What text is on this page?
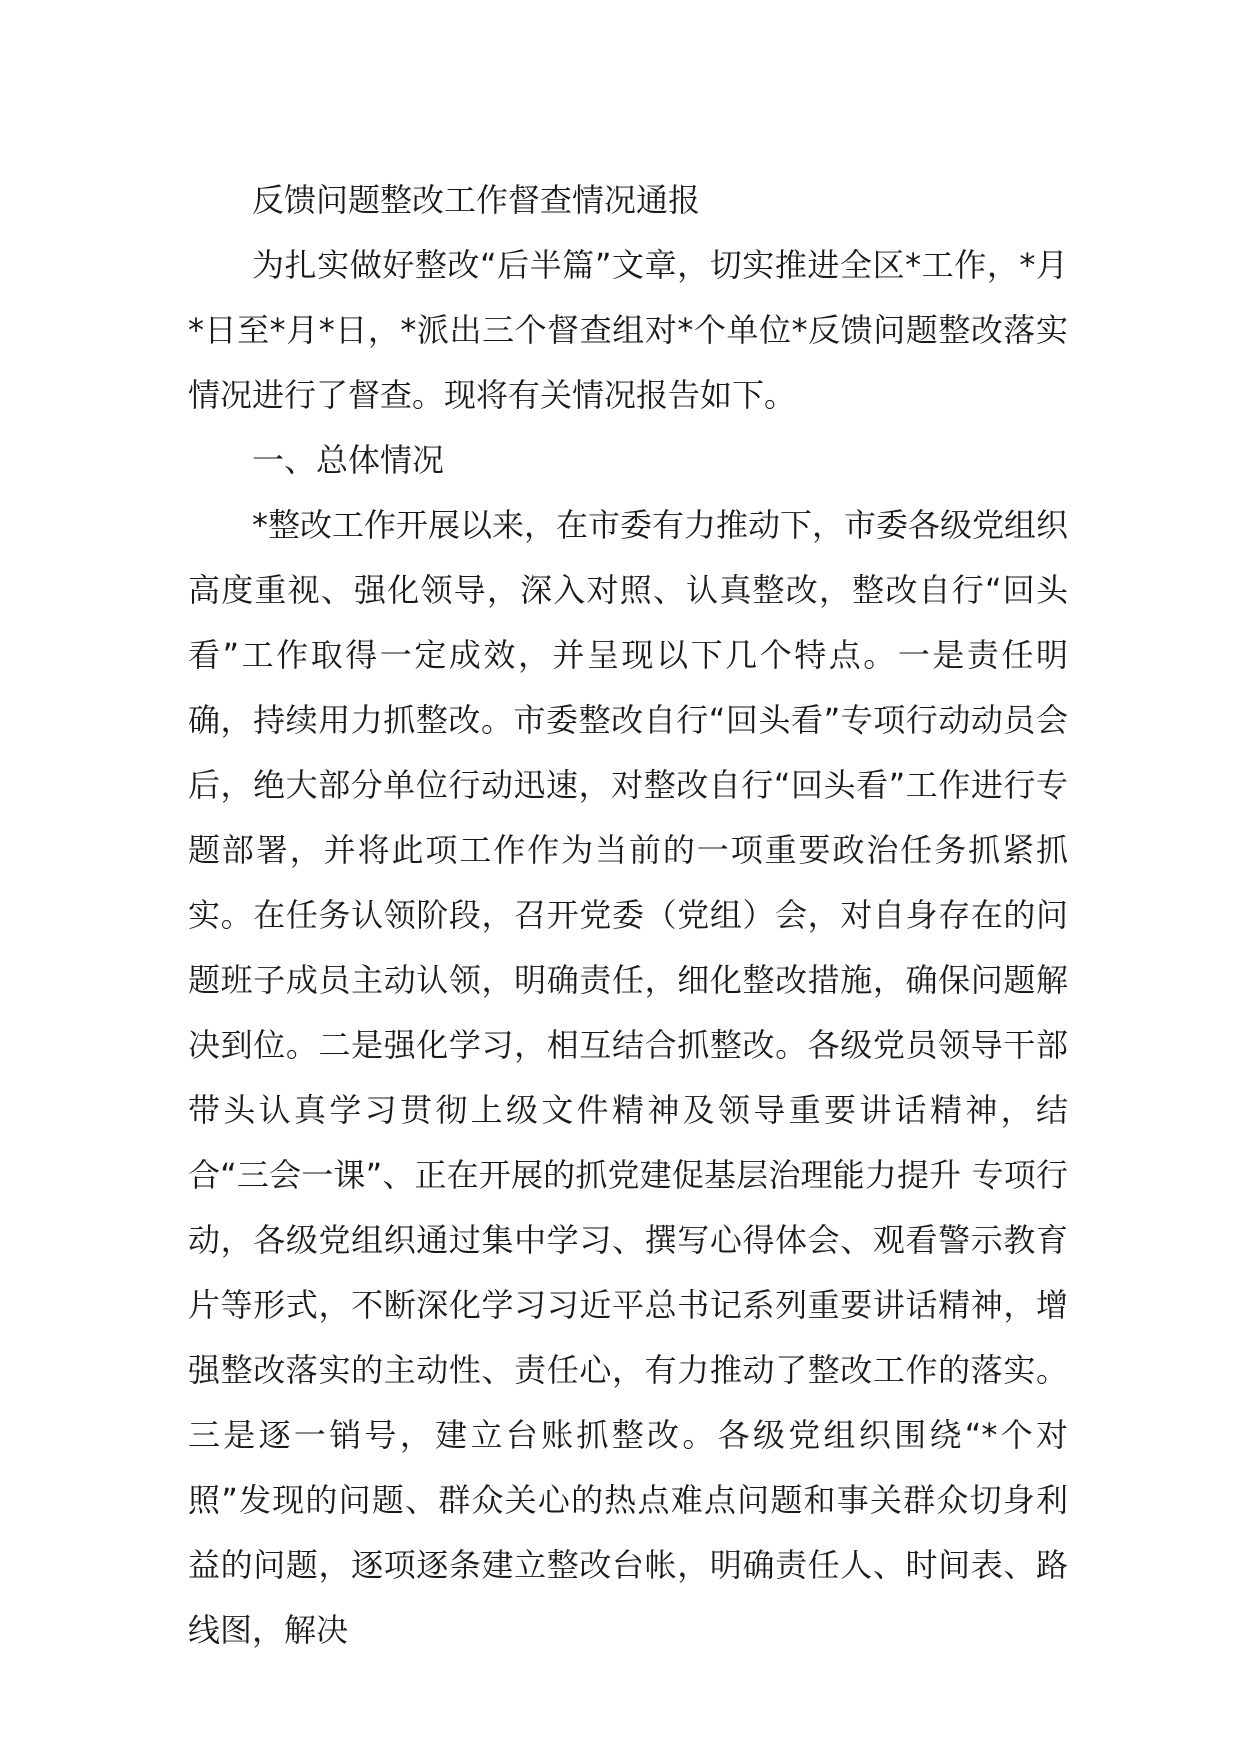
反馈问题整改工作督查情况通报

为扎实做好整改“后半篇”文章，切实推进全区*工作，*月*日至*月*日，*派出三个督查组对*个单位*反馈问题整改落实情况进行了督查。现将有关情况报告如下。

一、总体情况

*整改工作开展以来，在市委有力推动下，市委各级党组织高度重视、强化领导，深入对照、认真整改，整改自行“回头看”工作取得一定成效，并呈现以下几个特点。一是责任明确，持续用力抓整改。市委整改自行“回头看”专项行动动员会后，绝大部分单位行动迅速，对整改自行“回头看”工作进行专题部署，并将此项工作作为当前的一项重要政治任务抓紧抓实。在任务认领阶段，召开党委（党组）会，对自身存在的问题班子成员主动认领，明确责任，细化整改措施，确保问题解决到位。二是强化学习，相互结合抓整改。各级党员领导干部带头认真学习贯彻上级文件精神及领导重要讲话精神，结合“三会一课”、正在开展的抓党建促基层治理能力提升 专项行动，各级党组织通过集中学习、撰写心得体会、观看警示教育片等形式，不断深化学习习近平总书记系列重要讲话精神，增强整改落实的主动性、责任心，有力推动了整改工作的落实。三是逐一销号，建立台账抓整改。各级党组织围绕“*个对照”发现的问题、群众关心的热点难点问题和事关群众切身利益的问题，逐项逐条建立整改台帐，明确责任人、时间表、路线图，解决
